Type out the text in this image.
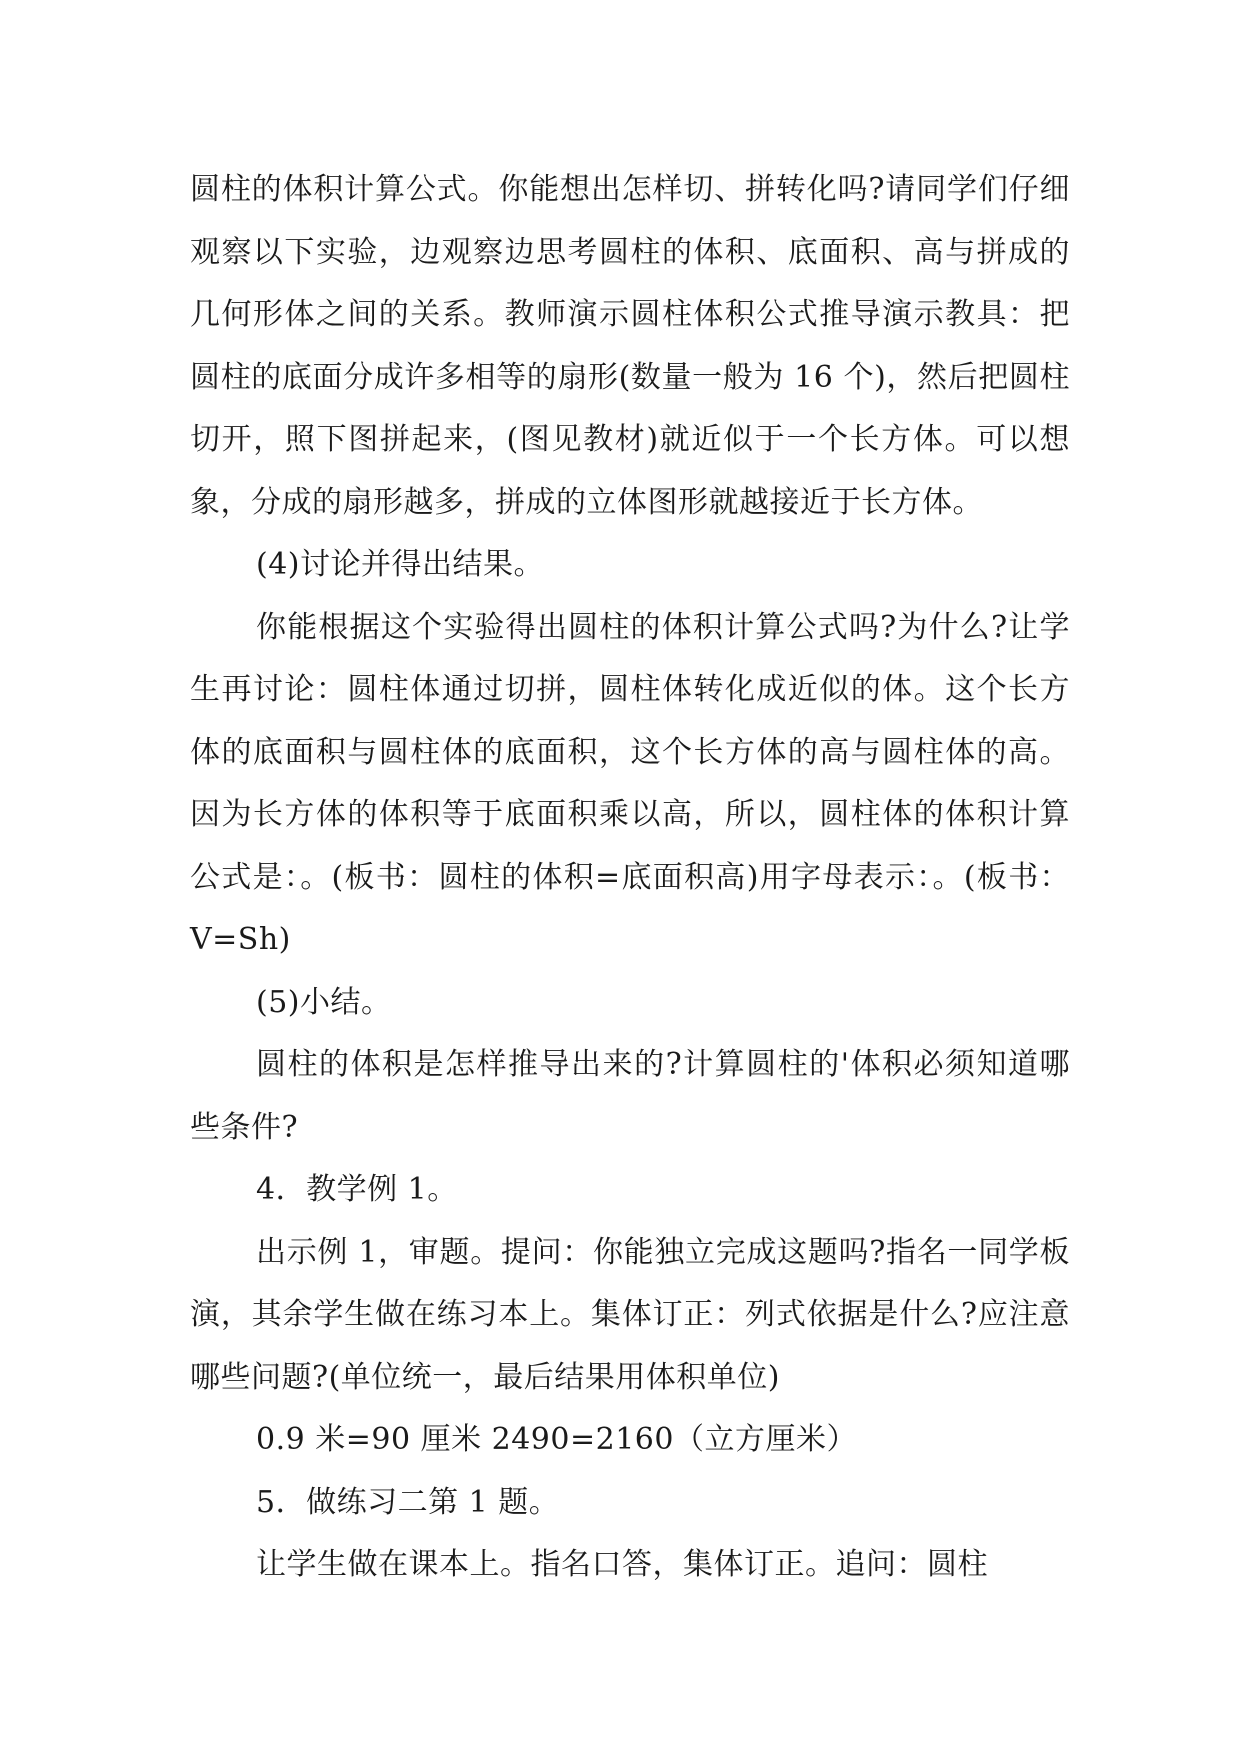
圆柱的体积计算公式。你能想出怎样切、拼转化吗?请同学们仔细观察以下实验，边观察边思考圆柱的体积、底面积、高与拼成的几何形体之间的关系。教师演示圆柱体积公式推导演示教具：把圆柱的底面分成许多相等的扇形(数量一般为 16 个)，然后把圆柱切开，照下图拼起来，(图见教材)就近似于一个长方体。可以想象，分成的扇形越多，拼成的立体图形就越接近于长方体。

(4)讨论并得出结果。

你能根据这个实验得出圆柱的体积计算公式吗?为什么?让学生再讨论：圆柱体通过切拼，圆柱体转化成近似的体。这个长方体的底面积与圆柱体的底面积，这个长方体的高与圆柱体的高。因为长方体的体积等于底面积乘以高，所以，圆柱体的体积计算公式是：。(板书：圆柱的体积=底面积高)用字母表示：。(板书：V=Sh)

(5)小结。

圆柱的体积是怎样推导出来的?计算圆柱的'体积必须知道哪些条件?

4．教学例 1。

出示例 1，审题。提问：你能独立完成这题吗?指名一同学板演，其余学生做在练习本上。集体订正：列式依据是什么?应注意哪些问题?(单位统一，最后结果用体积单位)

0.9 米=90 厘米 2490=2160（立方厘米）

5．做练习二第 1 题。

让学生做在课本上。指名口答，集体订正。追问：圆柱
